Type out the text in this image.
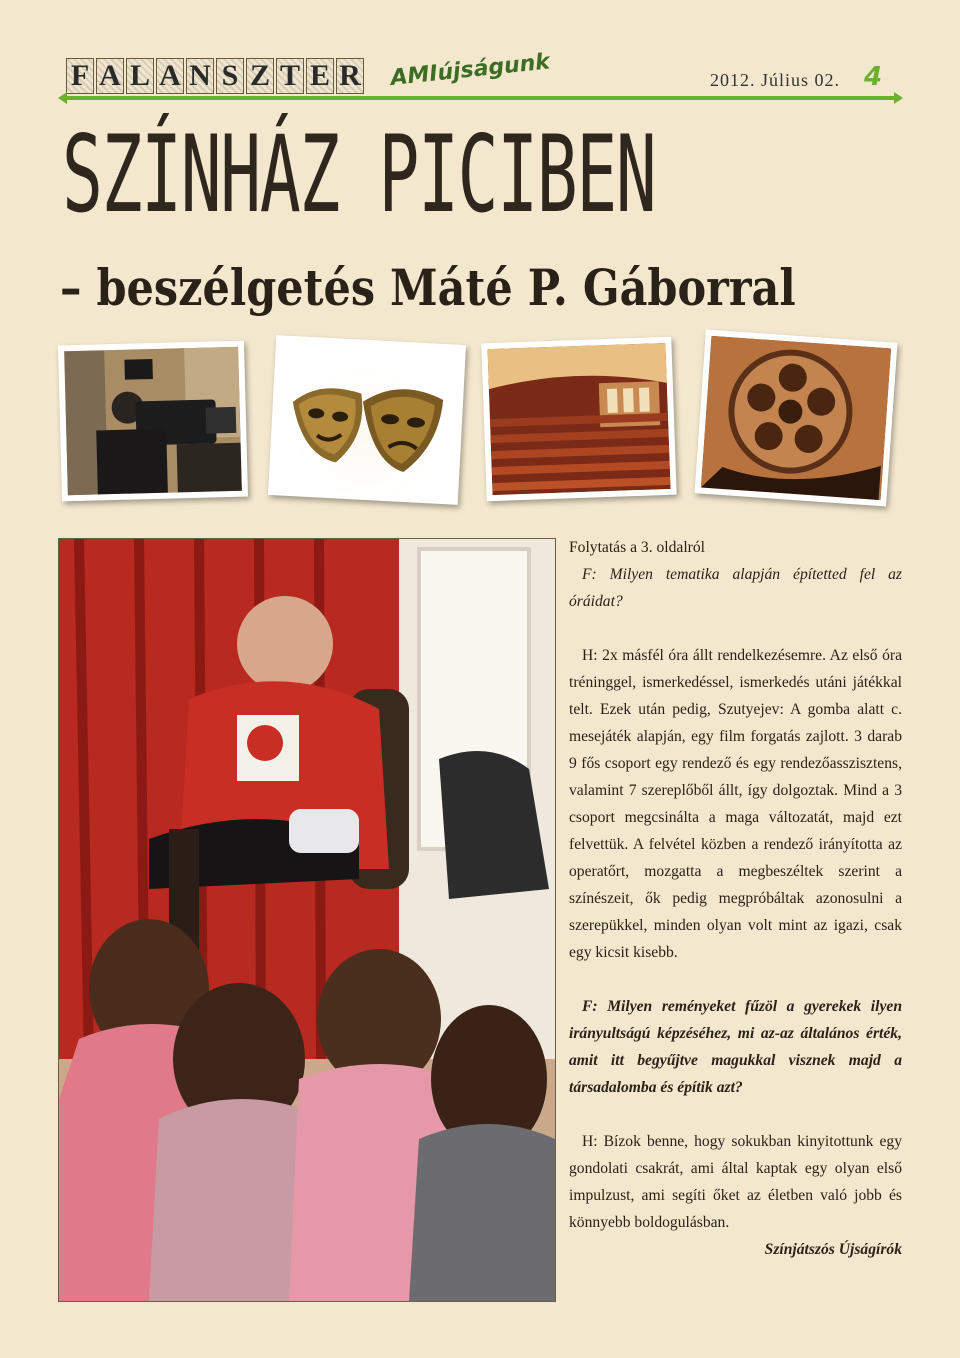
F A L A N S Z T E R AMIújságunk	2012. Július 02. 4
SZÍNHÁZ PICIBEN
– beszélgetés Máté P. Gáborral

Folytatás a 3. oldalról

F: Milyen tematika alapján építetted fel az óráidat?

H: 2x másfél óra állt rendelkezésemre. Az első óra tréninggel, ismerkedéssel, ismerkedés utáni játékkal telt. Ezek után pedig, Szutyejev: A gomba alatt c. mesejáték alapján, egy film forgatás zajlott. 3 darab 9 fős csoport egy rendező és egy rendezőasszisztens, valamint 7 szereplőből állt, így dolgoztak. Mind a 3 csoport megcsinálta a maga változatát, majd ezt felvettük. A felvétel közben a rendező irányította az operatőrt, mozgatta a megbeszéltek szerint a színészeit, ők pedig megpróbáltak azonosulni a szerepükkel, minden olyan volt mint az igazi, csak egy kicsit kisebb.

F: Milyen reményeket fűzöl a gyerekek ilyen irányultságú képzéséhez, mi az-az általános érték, amit itt begyűjtve magukkal visznek majd a társadalomba és építik azt?

H: Bízok benne, hogy sokukban kinyitottunk egy gondolati csakrát, ami által kaptak egy olyan első impulzust, ami segíti őket az életben való jobb és könnyebb boldogulásban.

Színjátszós Újságírók
